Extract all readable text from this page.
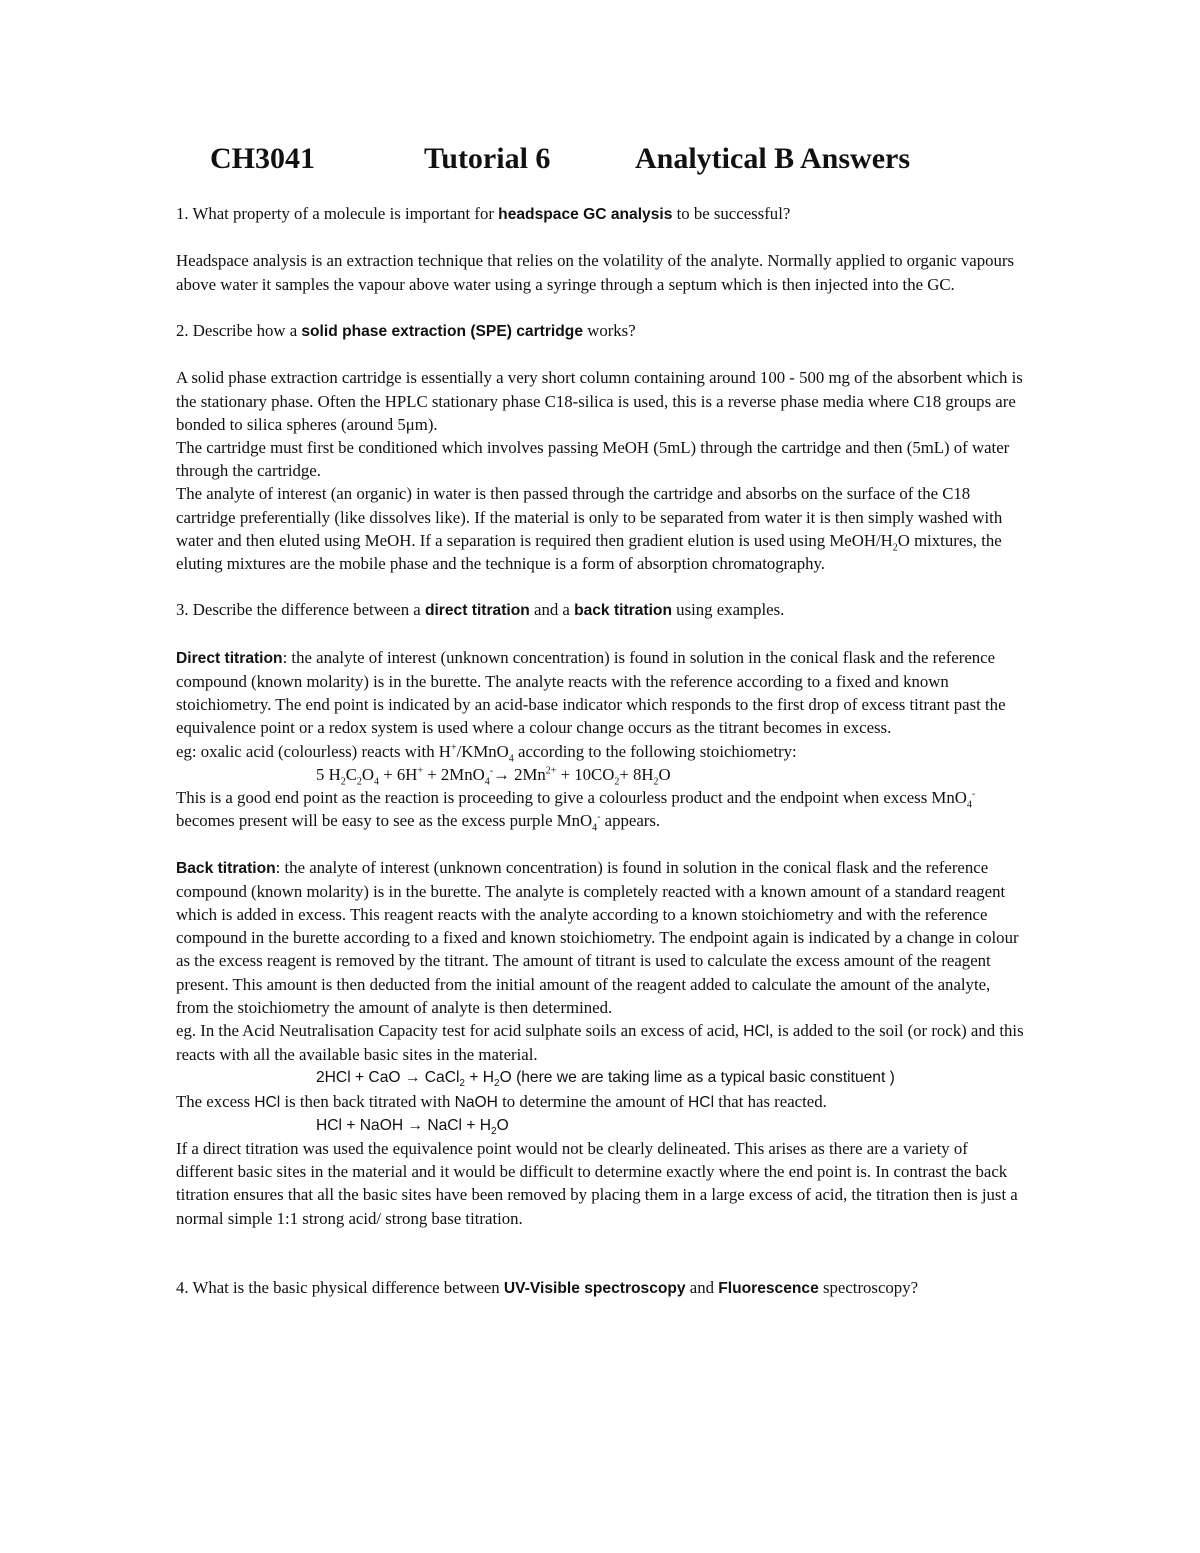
CH3041	Tutorial 6	Analytical B Answers

1. What property of a molecule is important for headspace GC analysis to be successful?

Headspace analysis is an extraction technique that relies on the volatility of the analyte. Normally applied to organic vapours above water it samples the vapour above water using a syringe through a septum which is then injected into the GC.

2. Describe how a solid phase extraction (SPE) cartridge works?

A solid phase extraction cartridge is essentially a very short column containing around 100 - 500 mg of the absorbent which is the stationary phase. Often the HPLC stationary phase C18-silica is used, this is a reverse phase media where C18 groups are bonded to silica spheres (around 5μm).

The cartridge must first be conditioned which involves passing MeOH (5mL) through the cartridge and then (5mL) of water through the cartridge.

The analyte of interest (an organic) in water is then passed through the cartridge and absorbs on the surface of the C18 cartridge preferentially (like dissolves like). If the material is only to be separated from water it is then simply washed with water and then eluted using MeOH. If a separation is required then gradient elution is used using MeOH/$H_2O$ mixtures, the eluting mixtures are the mobile phase and the technique is a form of absorption chromatography.

3. Describe the difference between a direct titration and a back titration using examples.

Direct titration: the analyte of interest (unknown concentration) is found in solution in the conical flask and the reference compound (known molarity) is in the burette. The analyte reacts with the reference according to a fixed and known stoichiometry. The end point is indicated by an acid-base indicator which responds to the first drop of excess titrant past the equivalence point or a redox system is used where a colour change occurs as the titrant becomes in excess.

eg: oxalic acid (colourless) reacts with H+/KMnO$_4$ according to the following stoichiometry:

5 $H_2C_2O_4 + 6H^+ + 2MnO_4^-\to 2Mn^{2+} + 10CO_2+ 8H_2O$

This is a good end point as the reaction is proceeding to give a colourless product and the endpoint when excess MnO$_4$- becomes present will be easy to see as the excess purple MnO$_4$- appears.

Back titration: the analyte of interest (unknown concentration) is found in solution in the conical flask and the reference compound (known molarity) is in the burette. The analyte is completely reacted with a known amount of a standard reagent which is added in excess. This reagent reacts with the analyte according to a known stoichiometry and with the reference compound in the burette according to a fixed and known stoichiometry. The endpoint again is indicated by a change in colour as the excess reagent is removed by the titrant. The amount of titrant is used to calculate the excess amount of the reagent present. This amount is then deducted from the initial amount of the reagent added to calculate the amount of the analyte, from the stoichiometry the amount of analyte is then determined.

eg. In the Acid Neutralisation Capacity test for acid sulphate soils an excess of acid, HCl, is added to the soil (or rock) and this reacts with all the available basic sites in the material.

2HCl + CaO → CaCl$_2$ + $H_2O$ (here we are taking lime as a typical basic constituent )

The excess HCl is then back titrated with NaOH to determine the amount of HCl that has reacted.

HCl + NaOH → NaCl + $H_2O$

If a direct titration was used the equivalence point would not be clearly delineated. This arises as there are a variety of different basic sites in the material and it would be difficult to determine exactly where the end point is. In contrast the back titration ensures that all the basic sites have been removed by placing them in a large excess of acid, the titration then is just a normal simple 1:1 strong acid/ strong base titration.

4. What is the basic physical difference between UV-Visible spectroscopy and Fluorescence spectroscopy?
